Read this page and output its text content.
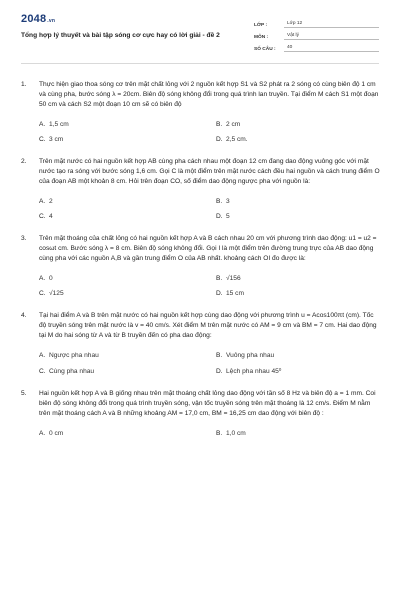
2048.vn
Tổng hợp lý thuyết và bài tập sóng cơ cực hay có lời giải - đề 2
LỚP :	Lớp 12
MÔN :	Vật lý
SỐ CÂU :	40
1.	Thực hiện giao thoa sóng cơ trên mặt chất lỏng với 2 nguồn kết hợp S1 và S2 phát ra 2 sóng có cùng biên độ 1 cm và cùng pha, bước sóng λ = 20cm. Biên độ sóng không đổi trong quá trình lan truyền. Tại điểm M cách S1 một đoạn 50 cm và cách S2 một đoạn 10 cm sẽ có biên độ
A. 1,5 cm	B. 2 cm
C. 3 cm	D. 2,5 cm.
2.	Trên mặt nước có hai nguồn kết hợp AB cùng pha cách nhau một đoạn 12 cm đang dao động vuông góc với mặt nước tạo ra sóng với bước sóng 1,6 cm. Gọi C là một điểm trên mặt nước cách đều hai nguồn và cách trung điểm O của đoạn AB một khoản 8 cm. Hỏi trên đoạn CO, số điểm dao động ngược pha với nguồn là:
A. 2	B. 3
C. 4	D. 5
3.	Trên mặt thoáng của chất lỏng có hai nguồn kết hợp A và B cách nhau 20 cm với phương trình dao động: u1 = u2 = cosωt cm. Bước sóng λ = 8 cm. Biên độ sóng không đổi. Gọi I là một điểm trên đường trung trực của AB dao động cùng pha với các nguồn A,B và gần trung điểm O của AB nhất. khoảng cách OI đo được là:
A. 0	B. √156
C. √125	D. 15 cm
4.	Tại hai điểm A và B trên mặt nước có hai nguồn kết hợp cùng dao động với phương trình u = Acos100πt (cm). Tốc độ truyền sóng trên mặt nước là v = 40 cm/s. Xét điểm M trên mặt nước có AM = 9 cm và BM = 7 cm. Hai dao động tại M do hai sóng từ A và từ B truyền đến có pha dao động:
A. Ngược pha nhau	B. Vuông pha nhau
C. Cùng pha nhau	D. Lệch pha nhau 45⁰
5.	Hai nguồn kết hợp A và B giống nhau trên mặt thoáng chất lỏng dao động với tần số 8 Hz và biên độ a = 1 mm. Coi biên độ sóng không đổi trong quá trình truyền sóng, vận tốc truyền sóng trên mặt thoáng là 12 cm/s. Điểm M nằm trên mặt thoáng cách A và B những khoảng AM = 17,0 cm, BM = 16,25 cm dao động với biên độ :
A. 0 cm	B. 1,0 cm
